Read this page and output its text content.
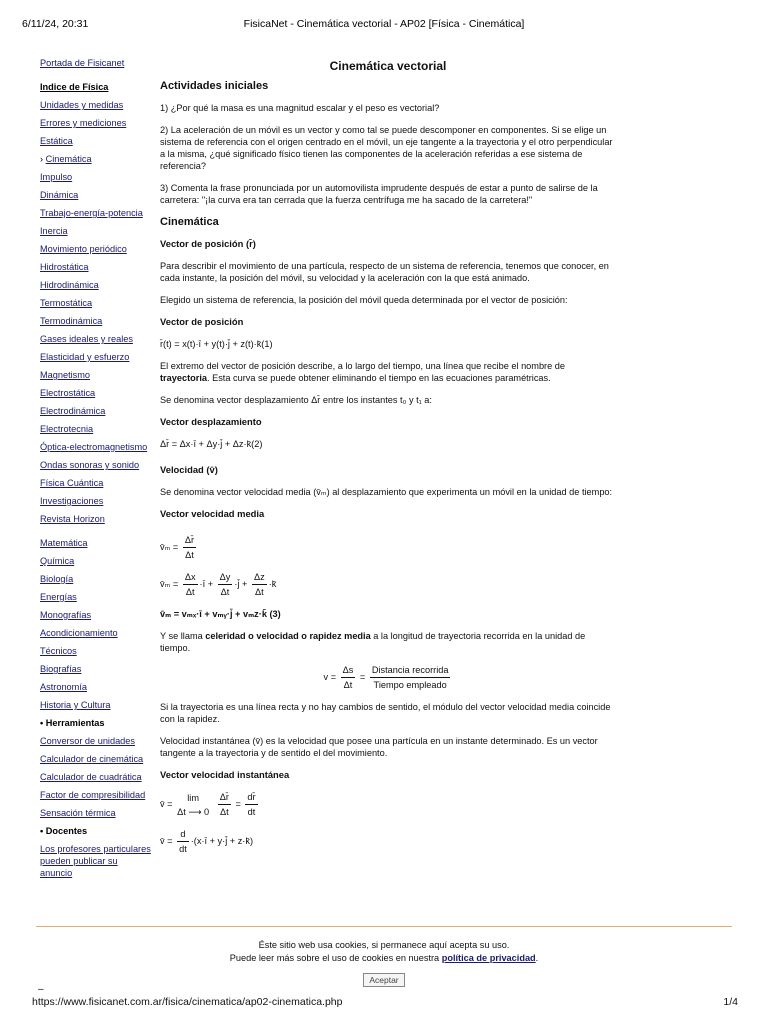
6/11/24, 20:31	FisicaNet - Cinemática vectorial - AP02 [Física - Cinemática]
Portada de Fisicanet
Indice de Física
Unidades y medidas
Errores y mediciones
Estática
› Cinemática
Impulso
Dinámica
Trabajo-energía-potencia
Inercia
Movimiento periódico
Hidrostática
Hidrodinámica
Termostática
Termodinámica
Gases ideales y reales
Elasticidad y esfuerzo
Magnetismo
Electrostática
Electrodinámica
Electrotecnia
Óptica-electromagnetismo
Ondas sonoras y sonido
Física Cuántica
Investigaciones
Revista Horizon
Matemática
Química
Biología
Energías
Monografías
Acondicionamiento
Técnicos
Biografías
Astronomía
Historia y Cultura
• Herramientas
Conversor de unidades
Calculador de cinemática
Calculador de cuadrática
Factor de compresibilidad
Sensación térmica
• Docentes
Los profesores particulares pueden publicar su anuncio
Cinemática vectorial
Actividades iniciales

1) ¿Por qué la masa es una magnitud escalar y el peso es vectorial?

2) La aceleración de un móvil es un vector y como tal se puede descomponer en componentes. Si se elige un sistema de referencia con el origen centrado en el móvil, un eje tangente a la trayectoria y el otro perpendicular a la misma, ¿qué significado físico tienen las componentes de la aceleración referidas a ese sistema de referencia?

3) Comenta la frase pronunciada por un automovilista imprudente después de estar a punto de salirse de la carretera: "¡la curva era tan cerrada que la fuerza centrífuga me ha sacado de la carretera!"

Cinemática
Vector de posición (r̄)

Para describir el movimiento de una partícula, respecto de un sistema de referencia, tenemos que conocer, en cada instante, la posición del móvil, su velocidad y la aceleración con la que está animado.

Elegido un sistema de referencia, la posición del móvil queda determinada por el vector de posición:

Vector de posición
r̄(t) = x(t)·ī + y(t)·j̄ + z(t)·k̄(1)

El extremo del vector de posición describe, a lo largo del tiempo, una línea que recibe el nombre de trayectoria. Esta curva se puede obtener eliminando el tiempo en las ecuaciones paramétricas.

Se denomina vector desplazamiento Δr̄ entre los instantes t₀ y t₁ a:

Vector desplazamiento
Δr̄ = Δx·ī + Δy·j̄ + Δz·k̄(2)
Velocidad (v̄)

Se denomina vector velocidad media (v̄ₘ) al desplazamiento que experimenta un móvil en la unidad de tiempo:

Vector velocidad media
v̄ₘ = $\frac{\Delta r̄}{\Delta t}$
v̄ₘ = $\frac{\Delta x}{\Delta t}$ ·ī + $\frac{\Delta y}{\Delta t}$ ·j̄ + $\frac{\Delta z}{\Delta t}$ ·k̄
v̄ₘ = vₘₓ·ī + vₘᵧ·j̄ + vₘz·k̄ (3)

Y se llama celeridad o velocidad o rapidez media a la longitud de trayectoria recorrida en la unidad de tiempo.

$v = \frac{\Delta s}{\Delta t} = \frac{\text{Distancia recorrida}}{\text{Tiempo empleado}}$

Si la trayectoria es una línea recta y no hay cambios de sentido, el módulo del vector velocidad media coincide con la rapidez.

Velocidad instantánea (v̄) es la velocidad que posee una partícula en un instante determinado. Es un vector tangente a la trayectoria y de sentido el del movimiento.

Vector velocidad instantánea
v̄ =
lim
Δt ⟶ 0
$\frac{\Delta r̄}{\Delta t} = \frac{dr̄}{dt}$
v̄ = $\frac{d}{dt}$ ·(x·ī + y·j̄ + z·k̄)
Éste sitio web usa cookies, si permanece aquí acepta su uso.
Puede leer más sobre el uso de cookies en nuestra política de privacidad.
Aceptar
–
https://www.fisicanet.com.ar/fisica/cinematica/ap02-cinematica.php	1/4
